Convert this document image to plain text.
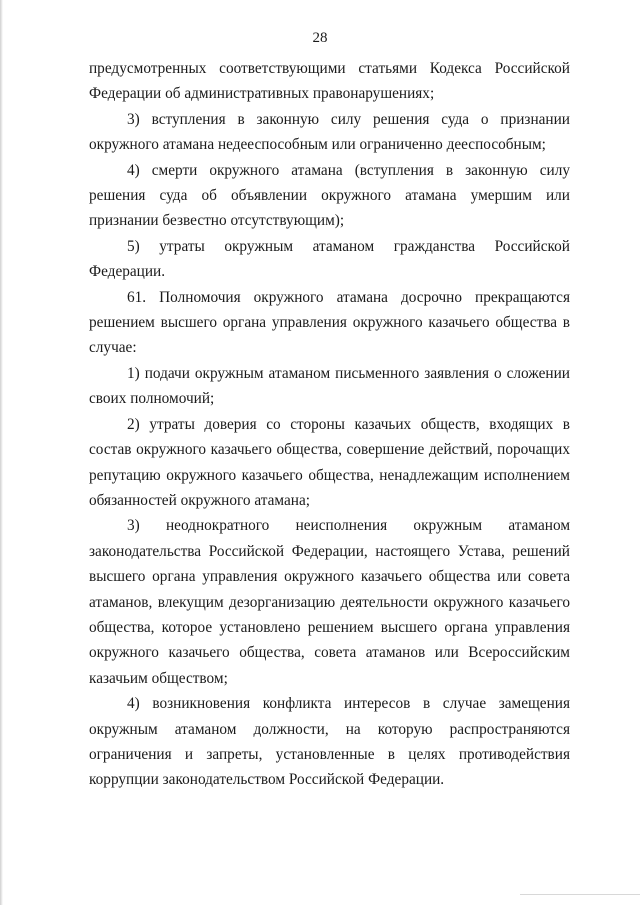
28

предусмотренных соответствующими статьями Кодекса Российской Федерации об административных правонарушениях;

3) вступления в законную силу решения суда о признании окружного атамана недееспособным или ограниченно дееспособным;

4) смерти окружного атамана (вступления в законную силу решения суда об объявлении окружного атамана умершим или признании безвестно отсутствующим);

5) утраты окружным атаманом гражданства Российской Федерации.

61. Полномочия окружного атамана досрочно прекращаются решением высшего органа управления окружного казачьего общества в случае:

1) подачи окружным атаманом письменного заявления о сложении своих полномочий;

2) утраты доверия со стороны казачьих обществ, входящих в состав окружного казачьего общества, совершение действий, порочащих репутацию окружного казачьего общества, ненадлежащим исполнением обязанностей окружного атамана;

3) неоднократного неисполнения окружным атаманом законодательства Российской Федерации, настоящего Устава, решений высшего органа управления окружного казачьего общества или совета атаманов, влекущим дезорганизацию деятельности окружного казачьего общества, которое установлено решением высшего органа управления окружного казачьего общества, совета атаманов или Всероссийским казачьим обществом;

4) возникновения конфликта интересов в случае замещения окружным атаманом должности, на которую распространяются ограничения и запреты, установленные в целях противодействия коррупции законодательством Российской Федерации.
